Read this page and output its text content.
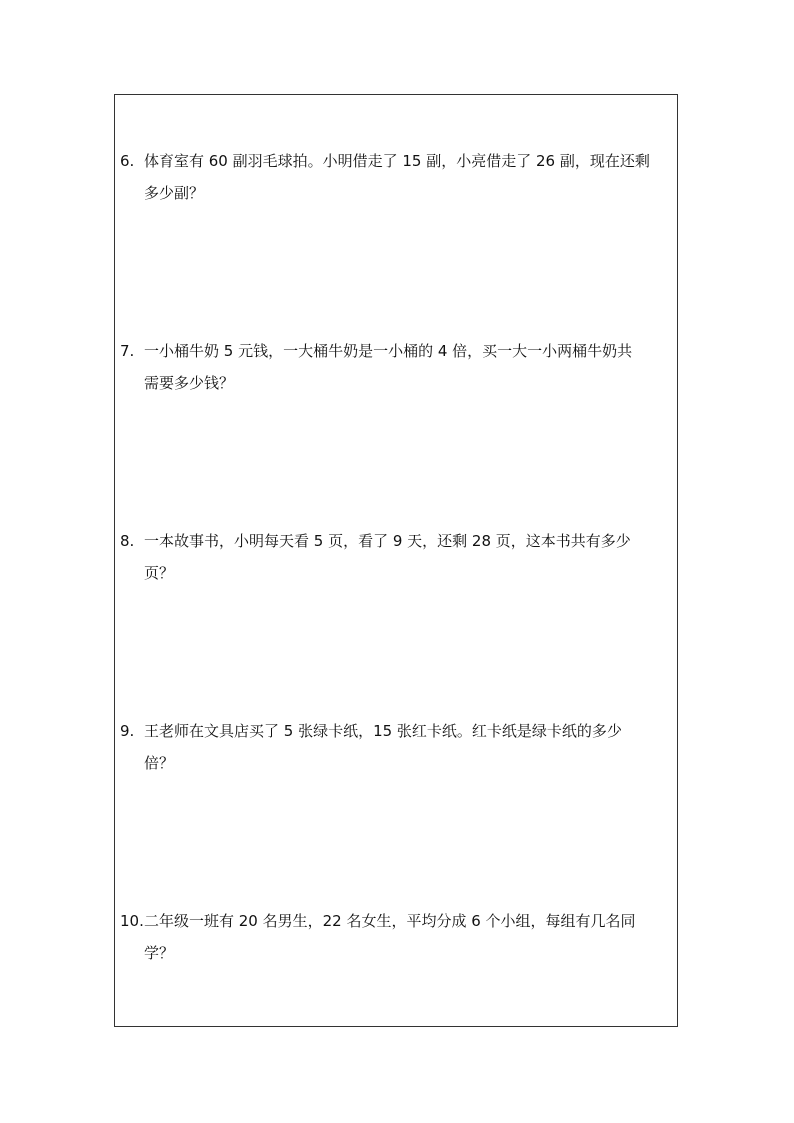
6. 体育室有 60 副羽毛球拍。小明借走了 15 副，小亮借走了 26 副，现在还剩
多少副？
7. 一小桶牛奶 5 元钱，一大桶牛奶是一小桶的 4 倍，买一大一小两桶牛奶共
需要多少钱？
8. 一本故事书，小明每天看 5 页，看了 9 天，还剩 28 页，这本书共有多少
页？
9. 王老师在文具店买了 5 张绿卡纸，15 张红卡纸。红卡纸是绿卡纸的多少
倍？
10. 二年级一班有 20 名男生，22 名女生，平均分成 6 个小组，每组有几名同
学？
